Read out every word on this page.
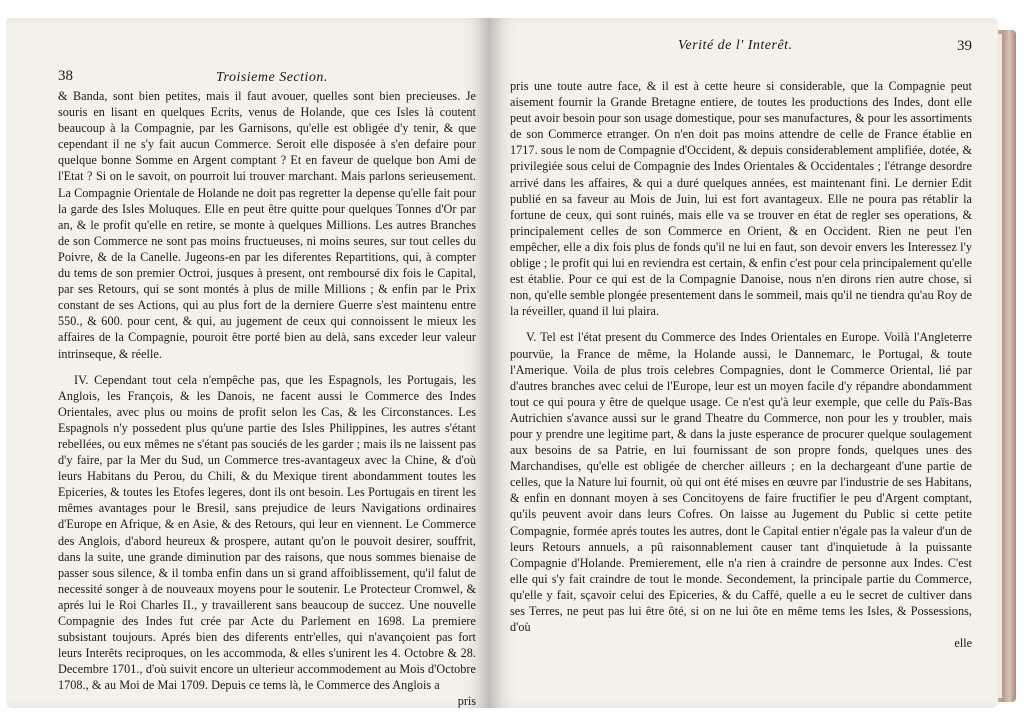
38	Troisieme Section.

& Banda, sont bien petites, mais il faut avouer, quelles sont bien precieuses. Je souris en lisant en quelques Ecrits, venus de Holande, que ces Isles là coutent beaucoup à la Compagnie, par les Garnisons, qu'elle est obligée d'y tenir, & que cependant il ne s'y fait aucun Commerce. Seroit elle disposée à s'en defaire pour quelque bonne Somme en Argent comptant ? Et en faveur de quelque bon Ami de l'Etat ? Si on le savoit, on pourroit lui trouver marchant. Mais parlons serieusement. La Compagnie Orientale de Holande ne doit pas regretter la depense qu'elle fait pour la garde des Isles Moluques. Elle en peut être quitte pour quelques Tonnes d'Or par an, & le profit qu'elle en retire, se monte à quelques Millions. Les autres Branches de son Commerce ne sont pas moins fructueuses, ni moins seures, sur tout celles du Poivre, & de la Canelle. Jugeons-en par les diferentes Repartitions, qui, à compter du tems de son premier Octroi, jusques à present, ont remboursé dix fois le Capital, par ses Retours, qui se sont montés à plus de mille Millions ; & enfin par le Prix constant de ses Actions, qui au plus fort de la derniere Guerre s'est maintenu entre 550., & 600. pour cent, & qui, au jugement de ceux qui connoissent le mieux les affaires de la Compagnie, pouroit être porté bien au delà, sans exceder leur valeur intrinseque, & réelle.

IV. Cependant tout cela n'empêche pas, que les Espagnols, les Portugais, les Anglois, les François, & les Danois, ne facent aussi le Commerce des Indes Orientales, avec plus ou moins de profit selon les Cas, & les Circonstances. Les Espagnols n'y possedent plus qu'une partie des Isles Philippines, les autres s'étant rebellées, ou eux mêmes ne s'étant pas souciés de les garder ; mais ils ne laissent pas d'y faire, par la Mer du Sud, un Commerce tres-avantageux avec la Chine, & d'où leurs Habitans du Perou, du Chili, & du Mexique tirent abondamment toutes les Epiceries, & toutes les Etofes legeres, dont ils ont besoin. Les Portugais en tirent les mêmes avantages pour le Bresil, sans prejudice de leurs Navigations ordinaires d'Europe en Afrique, & en Asie, & des Retours, qui leur en viennent. Le Commerce des Anglois, d'abord heureux & prospere, autant qu'on le pouvoit desirer, souffrit, dans la suite, une grande diminution par des raisons, que nous sommes bienaise de passer sous silence, & il tomba enfin dans un si grand affoiblissement, qu'il falut de necessité songer à de nouveaux moyens pour le soutenir. Le Protecteur Cromwel, & aprés lui le Roi Charles II., y travaillerent sans beaucoup de succez. Une nouvelle Compagnie des Indes fut crée par Acte du Parlement en 1698. La premiere subsistant toujours. Aprés bien des diferents entr'elles, qui n'avançoient pas fort leurs Interêts reciproques, on les accommoda, & elles s'unirent les 4. Octobre & 28. Decembre 1701., d'où suivit encore un ulterieur accommodement au Mois d'Octobre 1708., & au Moi de Mai 1709. Depuis ce tems là, le Commerce des Anglois a

pris
Verité de l' Interêt.	39

pris une toute autre face, & il est à cette heure si considerable, que la Compagnie peut aisement fournir la Grande Bretagne entiere, de toutes les productions des Indes, dont elle peut avoir besoin pour son usage domestique, pour ses manufactures, & pour les assortiments de son Commerce etranger. On n'en doit pas moins attendre de celle de France établie en 1717. sous le nom de Compagnie d'Occident, & depuis considerablement amplifiée, dotée, & privilegiée sous celui de Compagnie des Indes Orientales & Occidentales ; l'étrange desordre arrivé dans les affaires, & qui a duré quelques années, est maintenant fini. Le dernier Edit publié en sa faveur au Mois de Juin, lui est fort avantageux. Elle ne poura pas rétablir la fortune de ceux, qui sont ruinés, mais elle va se trouver en état de regler ses operations, & principalement celles de son Commerce en Orient, & en Occident. Rien ne peut l'en empêcher, elle a dix fois plus de fonds qu'il ne lui en faut, son devoir envers les Interessez l'y oblige ; le profit qui lui en reviendra est certain, & enfin c'est pour cela principalement qu'elle est établie. Pour ce qui est de la Compagnie Danoise, nous n'en dirons rien autre chose, si non, qu'elle semble plongée presentement dans le sommeil, mais qu'il ne tiendra qu'au Roy de la réveiller, quand il lui plaira.

V. Tel est l'état present du Commerce des Indes Orientales en Europe. Voilà l'Angleterre pourvüe, la France de même, la Holande aussi, le Dannemarc, le Portugal, & toute l'Amerique. Voila de plus trois celebres Compagnies, dont le Commerce Oriental, lié par d'autres branches avec celui de l'Europe, leur est un moyen facile d'y répandre abondamment tout ce qui poura y être de quelque usage. Ce n'est qu'à leur exemple, que celle du Païs-Bas Autrichien s'avance aussi sur le grand Theatre du Commerce, non pour les y troubler, mais pour y prendre une legitime part, & dans la juste esperance de procurer quelque soulagement aux besoins de sa Patrie, en lui fournissant de son propre fonds, quelques unes des Marchandises, qu'elle est obligée de chercher ailleurs ; en la dechargeant d'une partie de celles, que la Nature lui fournit, où qui ont été mises en œuvre par l'industrie de ses Habitans, & enfin en donnant moyen à ses Concitoyens de faire fructifier le peu d'Argent comptant, qu'ils peuvent avoir dans leurs Cofres. On laisse au Jugement du Public si cette petite Compagnie, formée aprés toutes les autres, dont le Capital entier n'égale pas la valeur d'un de leurs Retours annuels, a pû raisonnablement causer tant d'inquietude à la puissante Compagnie d'Holande. Premierement, elle n'a rien à craindre de personne aux Indes. C'est elle qui s'y fait craindre de tout le monde. Secondement, la principale partie du Commerce, qu'elle y fait, sçavoir celui des Epiceries, & du Caffé, quelle a eu le secret de cultiver dans ses Terres, ne peut pas lui être ôté, si on ne lui ôte en même tems les Isles, & Possessions, d'où

elle
